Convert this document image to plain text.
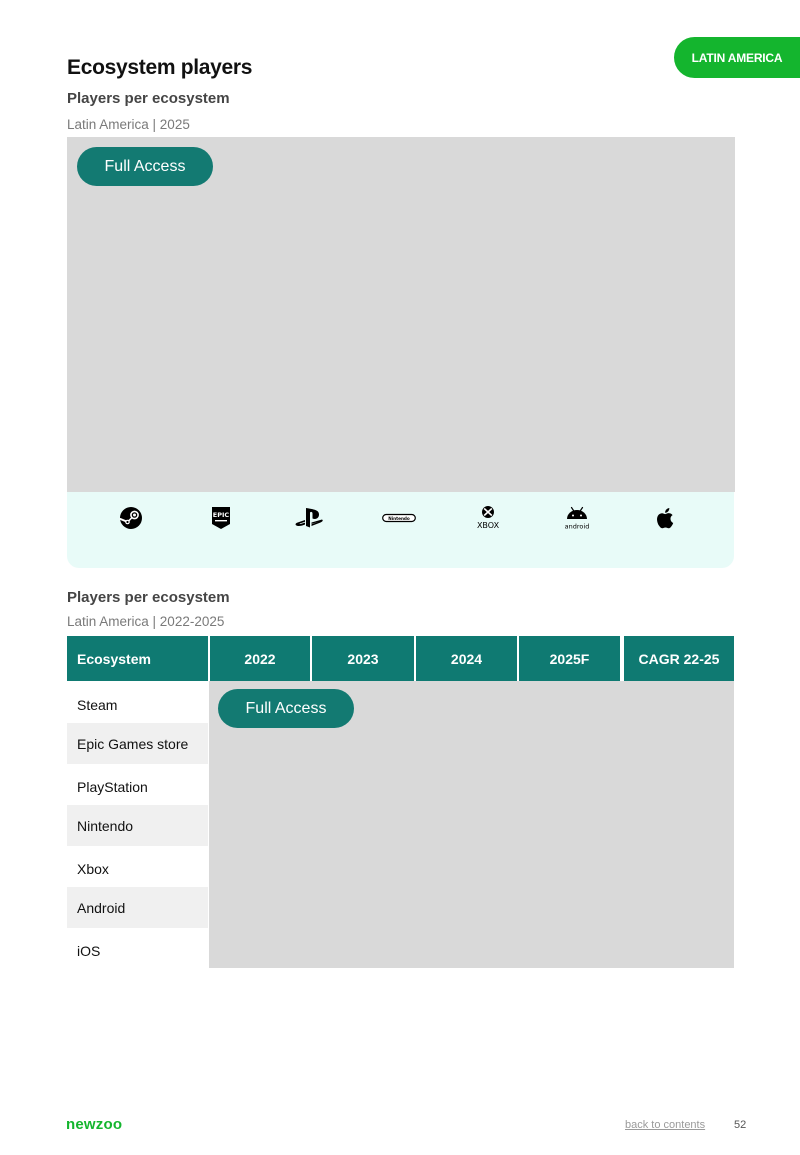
LATIN AMERICA
Ecosystem players
Players per ecosystem
Latin America | 2025
Full Access
EPIC	Nintendo
XBOX	android
Players per ecosystem
Latin America | 2022-2025
Ecosystem	2022	2023	2024	2025F	CAGR 22-25
Steam
Epic Games store
PlayStation
Nintendo
Xbox
Android
iOS
Full Access
newzoo	back to contents	52
